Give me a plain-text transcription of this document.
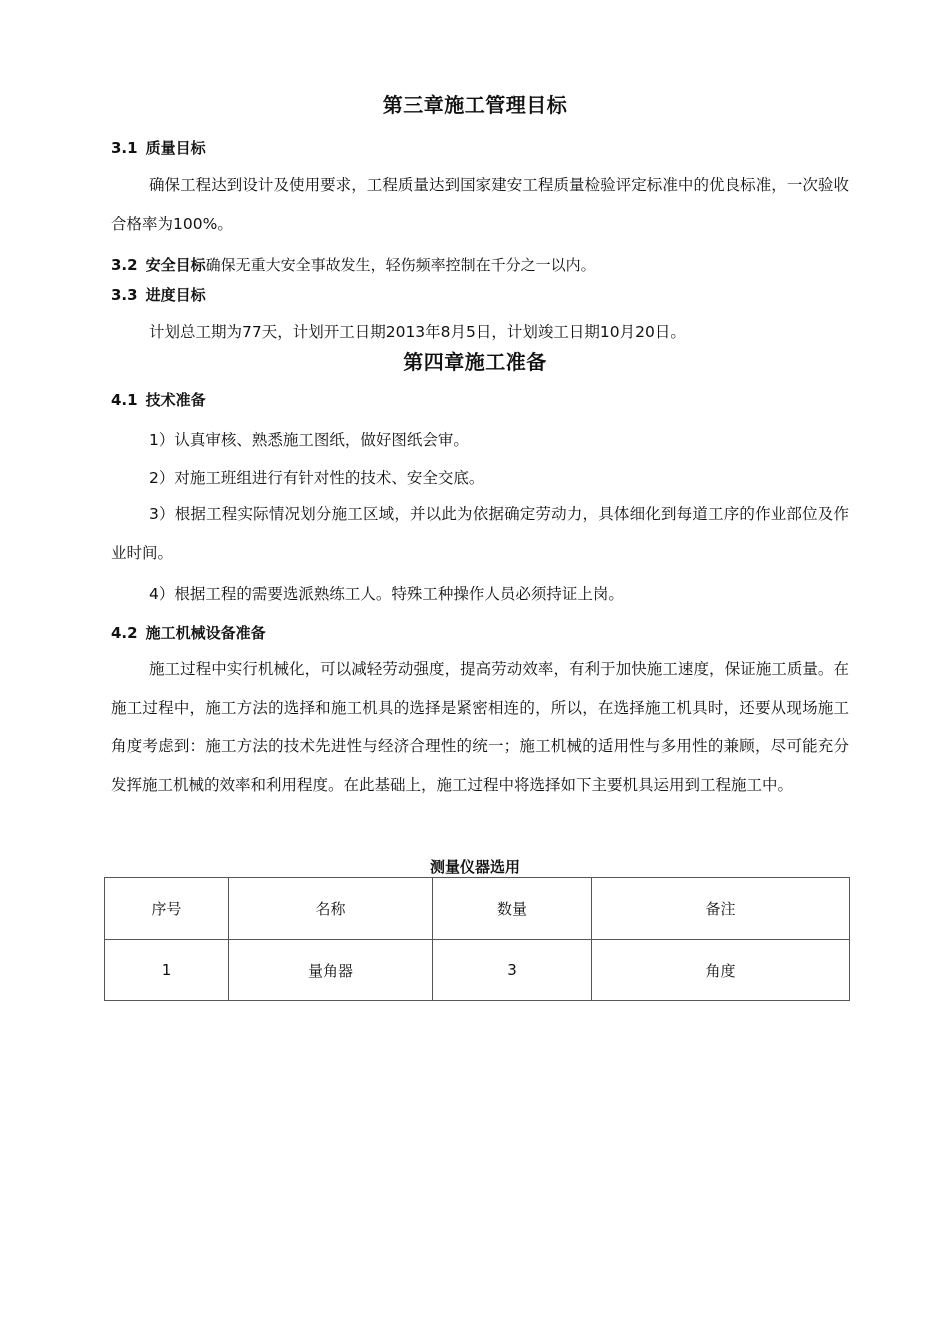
第三章施工管理目标
3.1 质量目标
确保工程达到设计及使用要求，工程质量达到国家建安工程质量检验评定标准中的优良标准，一次验收合格率为100%。
3.2 安全目标确保无重大安全事故发生，轻伤频率控制在千分之一以内。
3.3 进度目标
计划总工期为77天，计划开工日期2013年8月5日，计划竣工日期10月20日。
第四章施工准备
4.1 技术准备
1）认真审核、熟悉施工图纸，做好图纸会审。
2）对施工班组进行有针对性的技术、安全交底。
3）根据工程实际情况划分施工区域，并以此为依据确定劳动力，具体细化到每道工序的作业部位及作业时间。
4）根据工程的需要选派熟练工人。特殊工种操作人员必须持证上岗。
4.2 施工机械设备准备
施工过程中实行机械化，可以减轻劳动强度，提高劳动效率，有利于加快施工速度，保证施工质量。在施工过程中，施工方法的选择和施工机具的选择是紧密相连的，所以，在选择施工机具时，还要从现场施工角度考虑到：施工方法的技术先进性与经济合理性的统一；施工机械的适用性与多用性的兼顾，尽可能充分发挥施工机械的效率和利用程度。在此基础上，施工过程中将选择如下主要机具运用到工程施工中。
测量仪器选用
序号	名称	数量	备注
1	量角器	3	角度
